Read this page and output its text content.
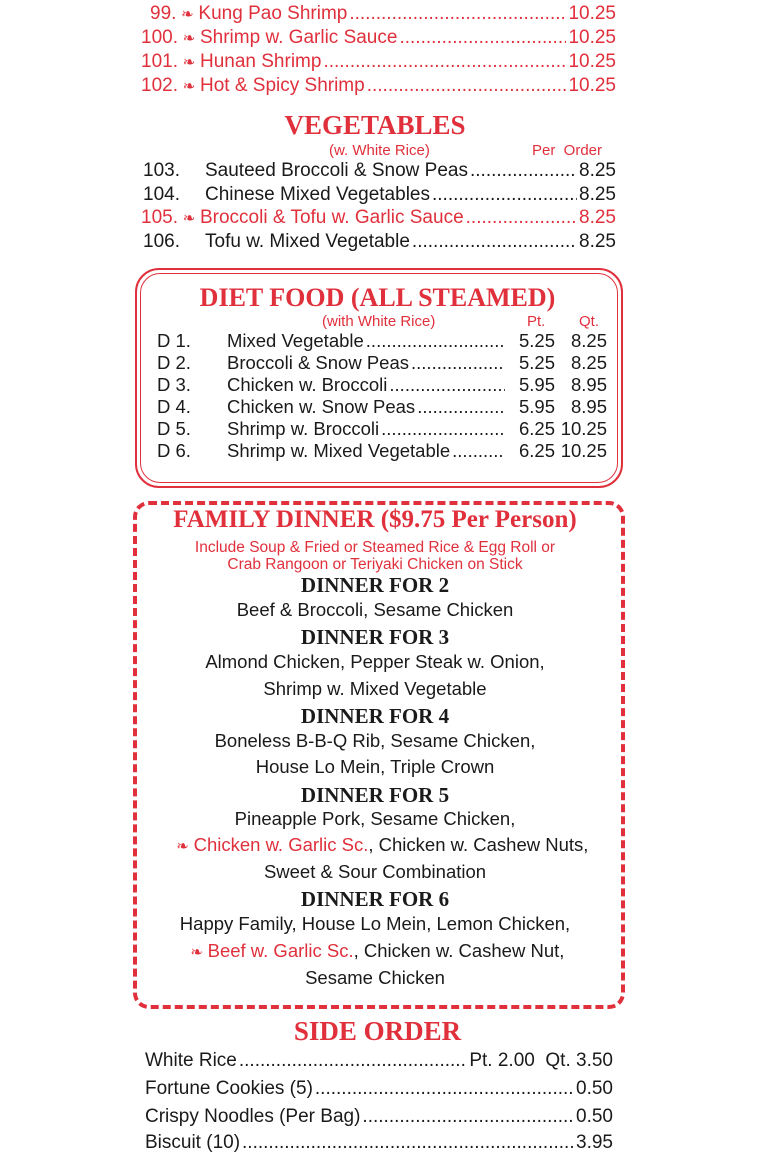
99. ❧ Kung Pao Shrimp .....	10.25
100. ❧ Shrimp w. Garlic Sauce .....	10.25
101. ❧ Hunan Shrimp .....	10.25
102. ❧ Hot & Spicy Shrimp .....	10.25
VEGETABLES
(w. White Rice)	Per  Order
103.	Sauteed Broccoli & Snow Peas .....	8.25
104.	Chinese Mixed Vegetables .....	8.25
105. ❧ Broccoli & Tofu w. Garlic Sauce .....	8.25
106.	Tofu w. Mixed Vegetable .....	8.25
DIET FOOD (ALL STEAMED)
(with White Rice)	Pt. Qt.
D 1.	Mixed Vegetable .....	5.25 8.25
D 2.	Broccoli & Snow Peas .....	5.25 8.25
D 3.	Chicken w. Broccoli .....	5.95 8.95
D 4.	Chicken w. Snow Peas .....	5.95 8.95
D 5.	Shrimp w. Broccoli .....	6.25 10.25
D 6.	Shrimp w. Mixed Vegetable .....	6.25 10.25
FAMILY DINNER ($9.75 Per Person)
Include Soup & Fried or Steamed Rice & Egg Roll or
Crab Rangoon or Teriyaki Chicken on Stick
DINNER FOR 2
Beef & Broccoli, Sesame Chicken
DINNER FOR 3
Almond Chicken, Pepper Steak w. Onion,
Shrimp w. Mixed Vegetable
DINNER FOR 4
Boneless B-B-Q Rib, Sesame Chicken,
House Lo Mein, Triple Crown
DINNER FOR 5
Pineapple Pork, Sesame Chicken,
❧ Chicken w. Garlic Sc., Chicken w. Cashew Nuts,
Sweet & Sour Combination
DINNER FOR 6
Happy Family, House Lo Mein, Lemon Chicken,
❧ Beef w. Garlic Sc., Chicken w. Cashew Nut,
Sesame Chicken
SIDE ORDER
White Rice .....	Pt. 2.00  Qt. 3.50
Fortune Cookies (5) .....	0.50
Crispy Noodles (Per Bag) .....	0.50
Biscuit (10) .....	3.95
